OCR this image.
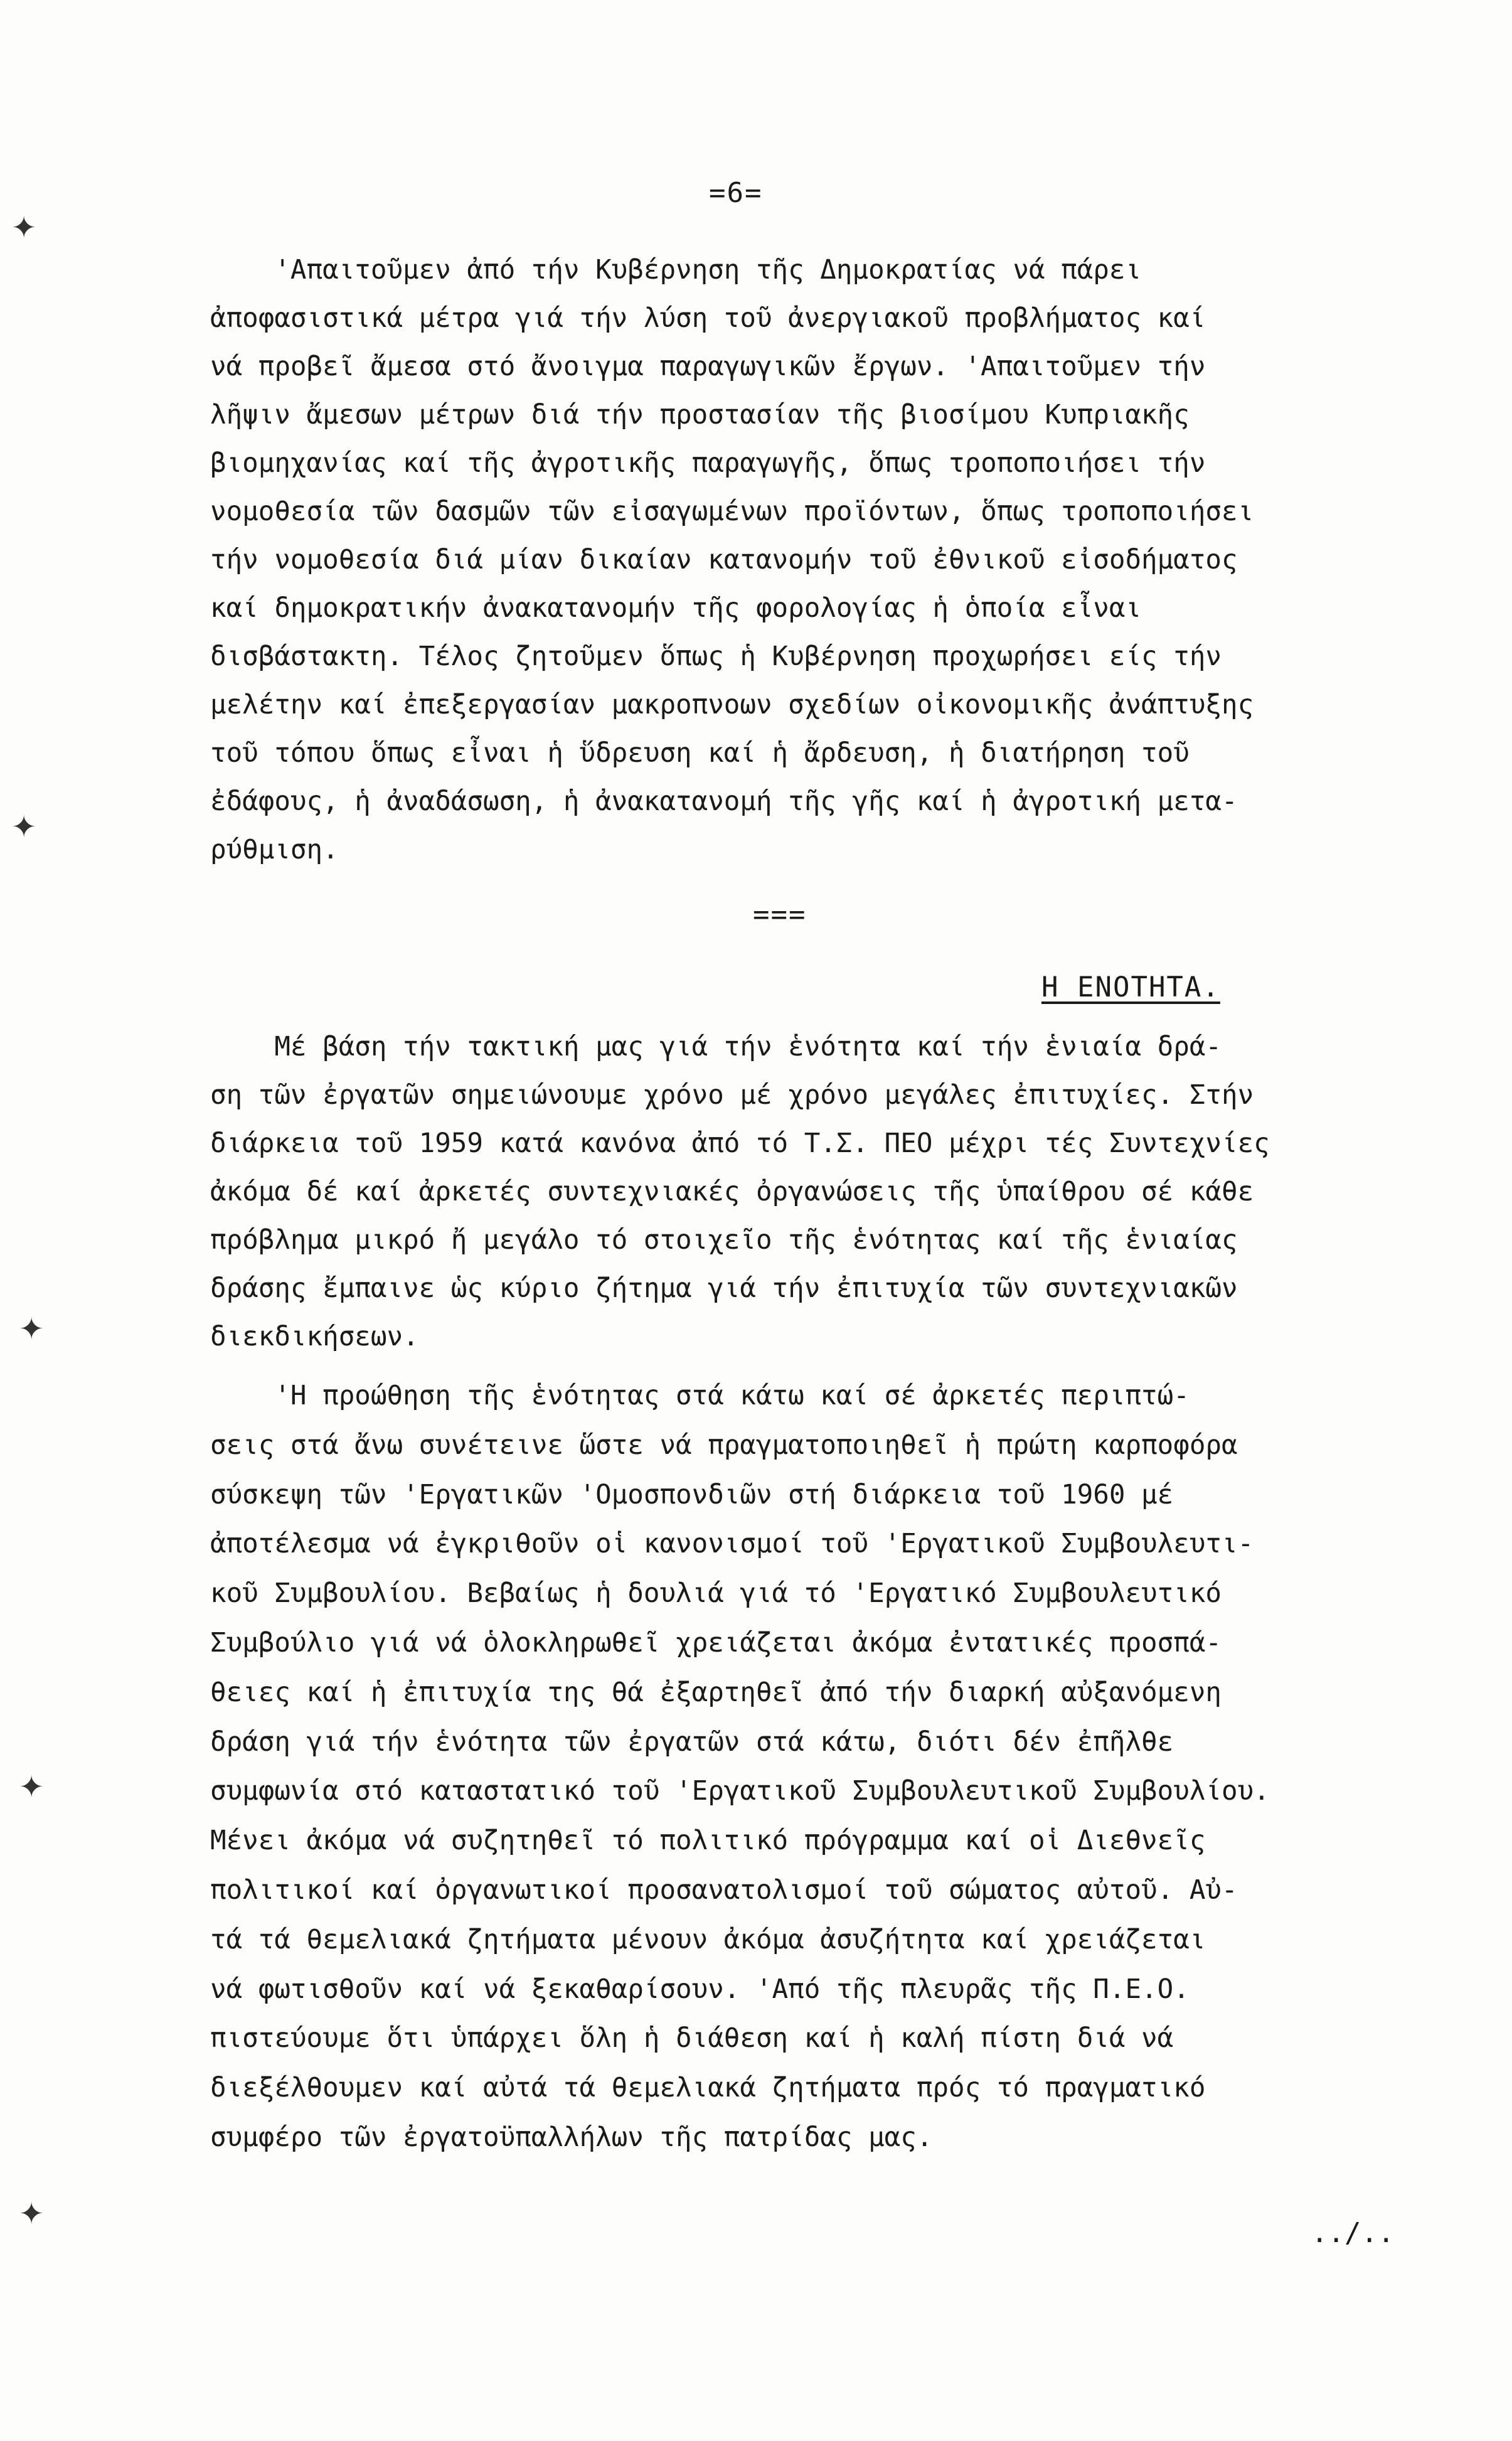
✦
✦
✦
✦
✦
=6=
'Απαιτοῦμεν ἀπό τήν Κυβέρνηση τῆς Δημοκρατίας νά πάρει
ἀποφασιστικά μέτρα γιά τήν λύση τοῦ ἀνεργιακοῦ προβλήματος καί
νά προβεῖ ἄμεσα στό ἄνοιγμα παραγωγικῶν ἔργων. 'Απαιτοῦμεν τήν
λῆψιν ἄμεσων μέτρων διά τήν προστασίαν τῆς βιοσίμου Κυπριακῆς
βιομηχανίας καί τῆς ἀγροτικῆς παραγωγῆς, ὅπως τροποποιήσει τήν
νομοθεσία τῶν δασμῶν τῶν εἰσαγωμένων προϊόντων, ὅπως τροποποιήσει
τήν νομοθεσία διά μίαν δικαίαν κατανομήν τοῦ ἐθνικοῦ εἰσοδήματος
καί δημοκρατικήν ἀνακατανομήν τῆς φορολογίας ἡ ὁποία εἶναι
δισβάστακτη. Τέλος ζητοῦμεν ὅπως ἡ Κυβέρνηση προχωρήσει είς τήν
μελέτην καί ἐπεξεργασίαν μακροπνοων σχεδίων οἰκονομικῆς ἀνάπτυξης
τοῦ τόπου ὅπως εἶναι ἡ ὕδρευση καί ἡ ἄρδευση, ἡ διατήρηση τοῦ
ἐδάφους, ἡ ἀναδάσωση, ἡ ἀνακατανομή τῆς γῆς καί ἡ ἀγροτική μετα-
ρύθμιση.
===
Η ΕΝΟΤΗΤΑ.
Μέ βάση τήν τακτική μας γιά τήν ἑνότητα καί τήν ἑνιαία δρά-
ση τῶν ἐργατῶν σημειώνουμε χρόνο μέ χρόνο μεγάλες ἐπιτυχίες. Στήν
διάρκεια τοῦ 1959 κατά κανόνα ἀπό τό Τ.Σ. ΠΕΟ μέχρι τές Συντεχνίες
ἀκόμα δέ καί ἀρκετές συντεχνιακές ὀργανώσεις τῆς ὑπαίθρου σέ κάθε
πρόβλημα μικρό ἤ μεγάλο τό στοιχεῖο τῆς ἑνότητας καί τῆς ἑνιαίας
δράσης ἔμπαινε ὡς κύριο ζήτημα γιά τήν ἐπιτυχία τῶν συντεχνιακῶν
διεκδικήσεων.
'Η προώθηση τῆς ἑνότητας στά κάτω καί σέ ἀρκετές περιπτώ-
σεις στά ἄνω συνέτεινε ὥστε νά πραγματοποιηθεῖ ἡ πρώτη καρποφόρα
σύσκεψη τῶν 'Εργατικῶν 'Ομοσπονδιῶν στή διάρκεια τοῦ 1960 μέ
ἀποτέλεσμα νά ἐγκριθοῦν οἱ κανονισμοί τοῦ 'Εργατικοῦ Συμβουλευτι-
κοῦ Συμβουλίου. Βεβαίως ἡ δουλιά γιά τό 'Εργατικό Συμβουλευτικό
Συμβούλιο γιά νά ὁλοκληρωθεῖ χρειάζεται ἀκόμα ἐντατικές προσπά-
θειες καί ἡ ἐπιτυχία της θά ἐξαρτηθεῖ ἀπό τήν διαρκή αὐξανόμενη
δράση γιά τήν ἑνότητα τῶν ἐργατῶν στά κάτω, διότι δέν ἐπῆλθε
συμφωνία στό καταστατικό τοῦ 'Εργατικοῦ Συμβουλευτικοῦ Συμβουλίου.
Μένει ἀκόμα νά συζητηθεῖ τό πολιτικό πρόγραμμα καί οἱ Διεθνεῖς
πολιτικοί καί ὀργανωτικοί προσανατολισμοί τοῦ σώματος αὐτοῦ. Αὐ-
τά τά θεμελιακά ζητήματα μένουν ἀκόμα ἀσυζήτητα καί χρειάζεται
νά φωτισθοῦν καί νά ξεκαθαρίσουν. 'Από τῆς πλευρᾶς τῆς Π.Ε.Ο.
πιστεύουμε ὅτι ὑπάρχει ὅλη ἡ διάθεση καί ἡ καλή πίστη διά νά
διεξέλθουμεν καί αὐτά τά θεμελιακά ζητήματα πρός τό πραγματικό
συμφέρο τῶν ἐργατοϋπαλλήλων τῆς πατρίδας μας.
../..
